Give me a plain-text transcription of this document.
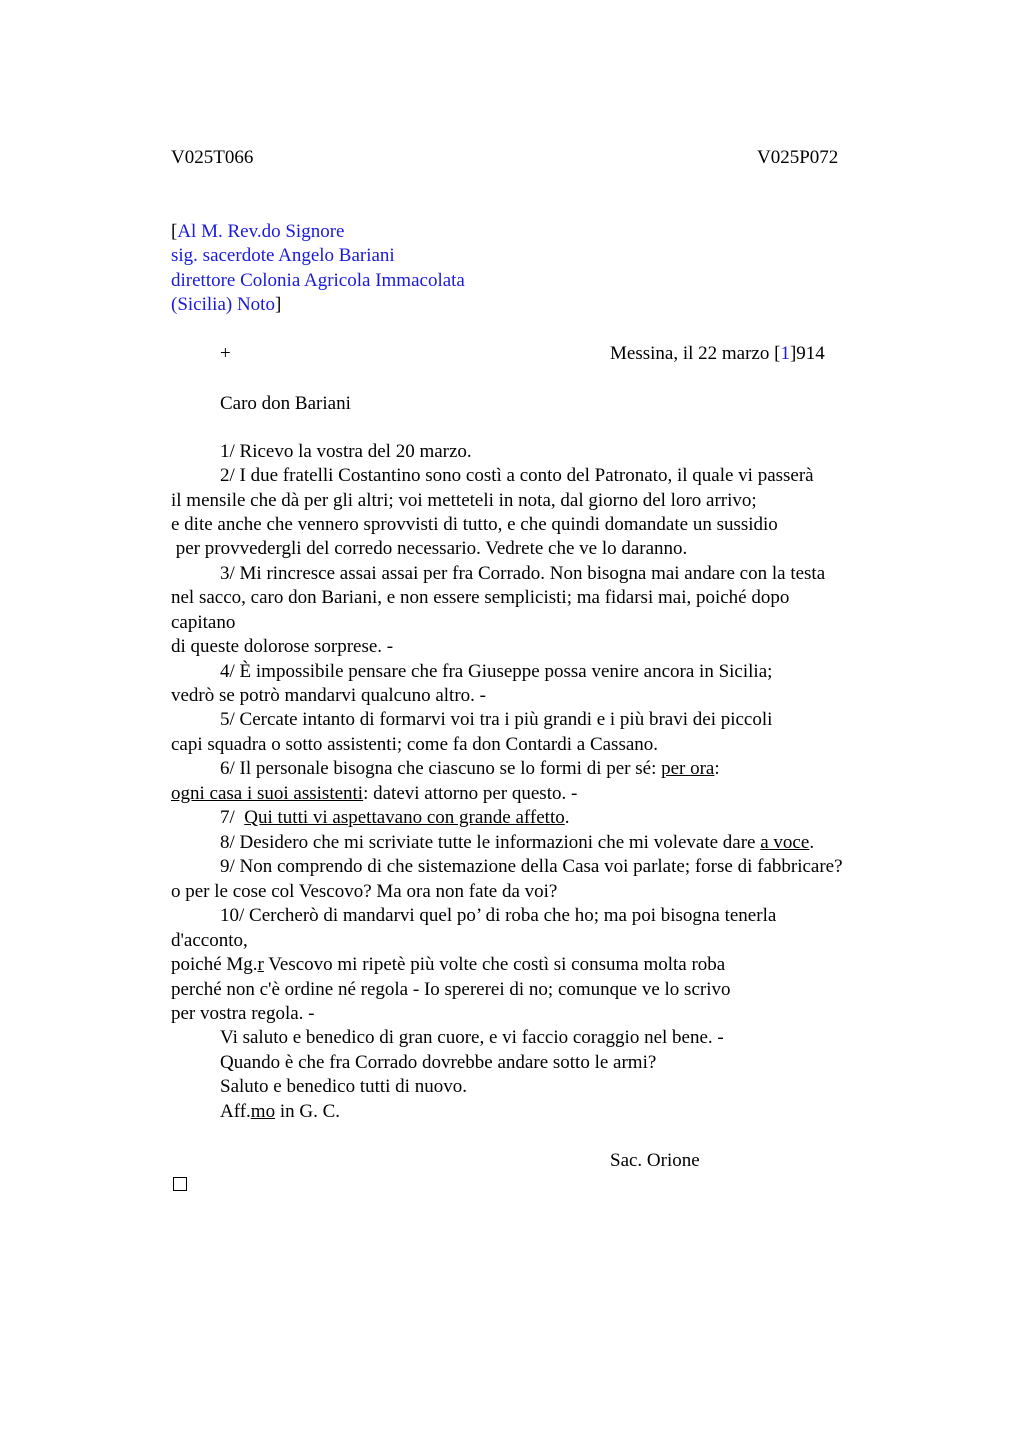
V025T066	V025P072
[Al M. Rev.do Signore
sig. sacerdote Angelo Bariani
direttore Colonia Agricola Immacolata
(Sicilia) Noto]
+	Messina, il 22 marzo [1]914
Caro don Bariani
1/ Ricevo la vostra del 20 marzo.
2/ I due fratelli Costantino sono costì a conto del Patronato, il quale vi passerà
il mensile che dà per gli altri; voi metteteli in nota, dal giorno del loro arrivo;
e dite anche che vennero sprovvisti di tutto, e che quindi domandate un sussidio
per provvedergli del corredo necessario. Vedrete che ve lo daranno.
3/ Mi rincresce assai assai per fra Corrado. Non bisogna mai andare con la testa
nel sacco, caro don Bariani, e non essere semplicisti; ma fidarsi mai, poiché dopo
capitano
di queste dolorose sorprese. -
4/ È impossibile pensare che fra Giuseppe possa venire ancora in Sicilia;
vedrò se potrò mandarvi qualcuno altro. -
5/ Cercate intanto di formarvi voi tra i più grandi e i più bravi dei piccoli
capi squadra o sotto assistenti; come fa don Contardi a Cassano.
6/ Il personale bisogna che ciascuno se lo formi di per sé: per ora:
ogni casa i suoi assistenti: datevi attorno per questo. -
7/  Qui tutti vi aspettavano con grande affetto.
8/ Desidero che mi scriviate tutte le informazioni che mi volevate dare a voce.
9/ Non comprendo di che sistemazione della Casa voi parlate; forse di fabbricare?
o per le cose col Vescovo? Ma ora non fate da voi?
10/ Cercherò di mandarvi quel po’ di roba che ho; ma poi bisogna tenerla
d'acconto,
poiché Mg.r Vescovo mi ripetè più volte che costì si consuma molta roba
perché non c'è ordine né regola - Io spererei di no; comunque ve lo scrivo
per vostra regola. -
Vi saluto e benedico di gran cuore, e vi faccio coraggio nel bene. -
Quando è che fra Corrado dovrebbe andare sotto le armi?
Saluto e benedico tutti di nuovo.
Aff.mo in G. C.
Sac. Orione
